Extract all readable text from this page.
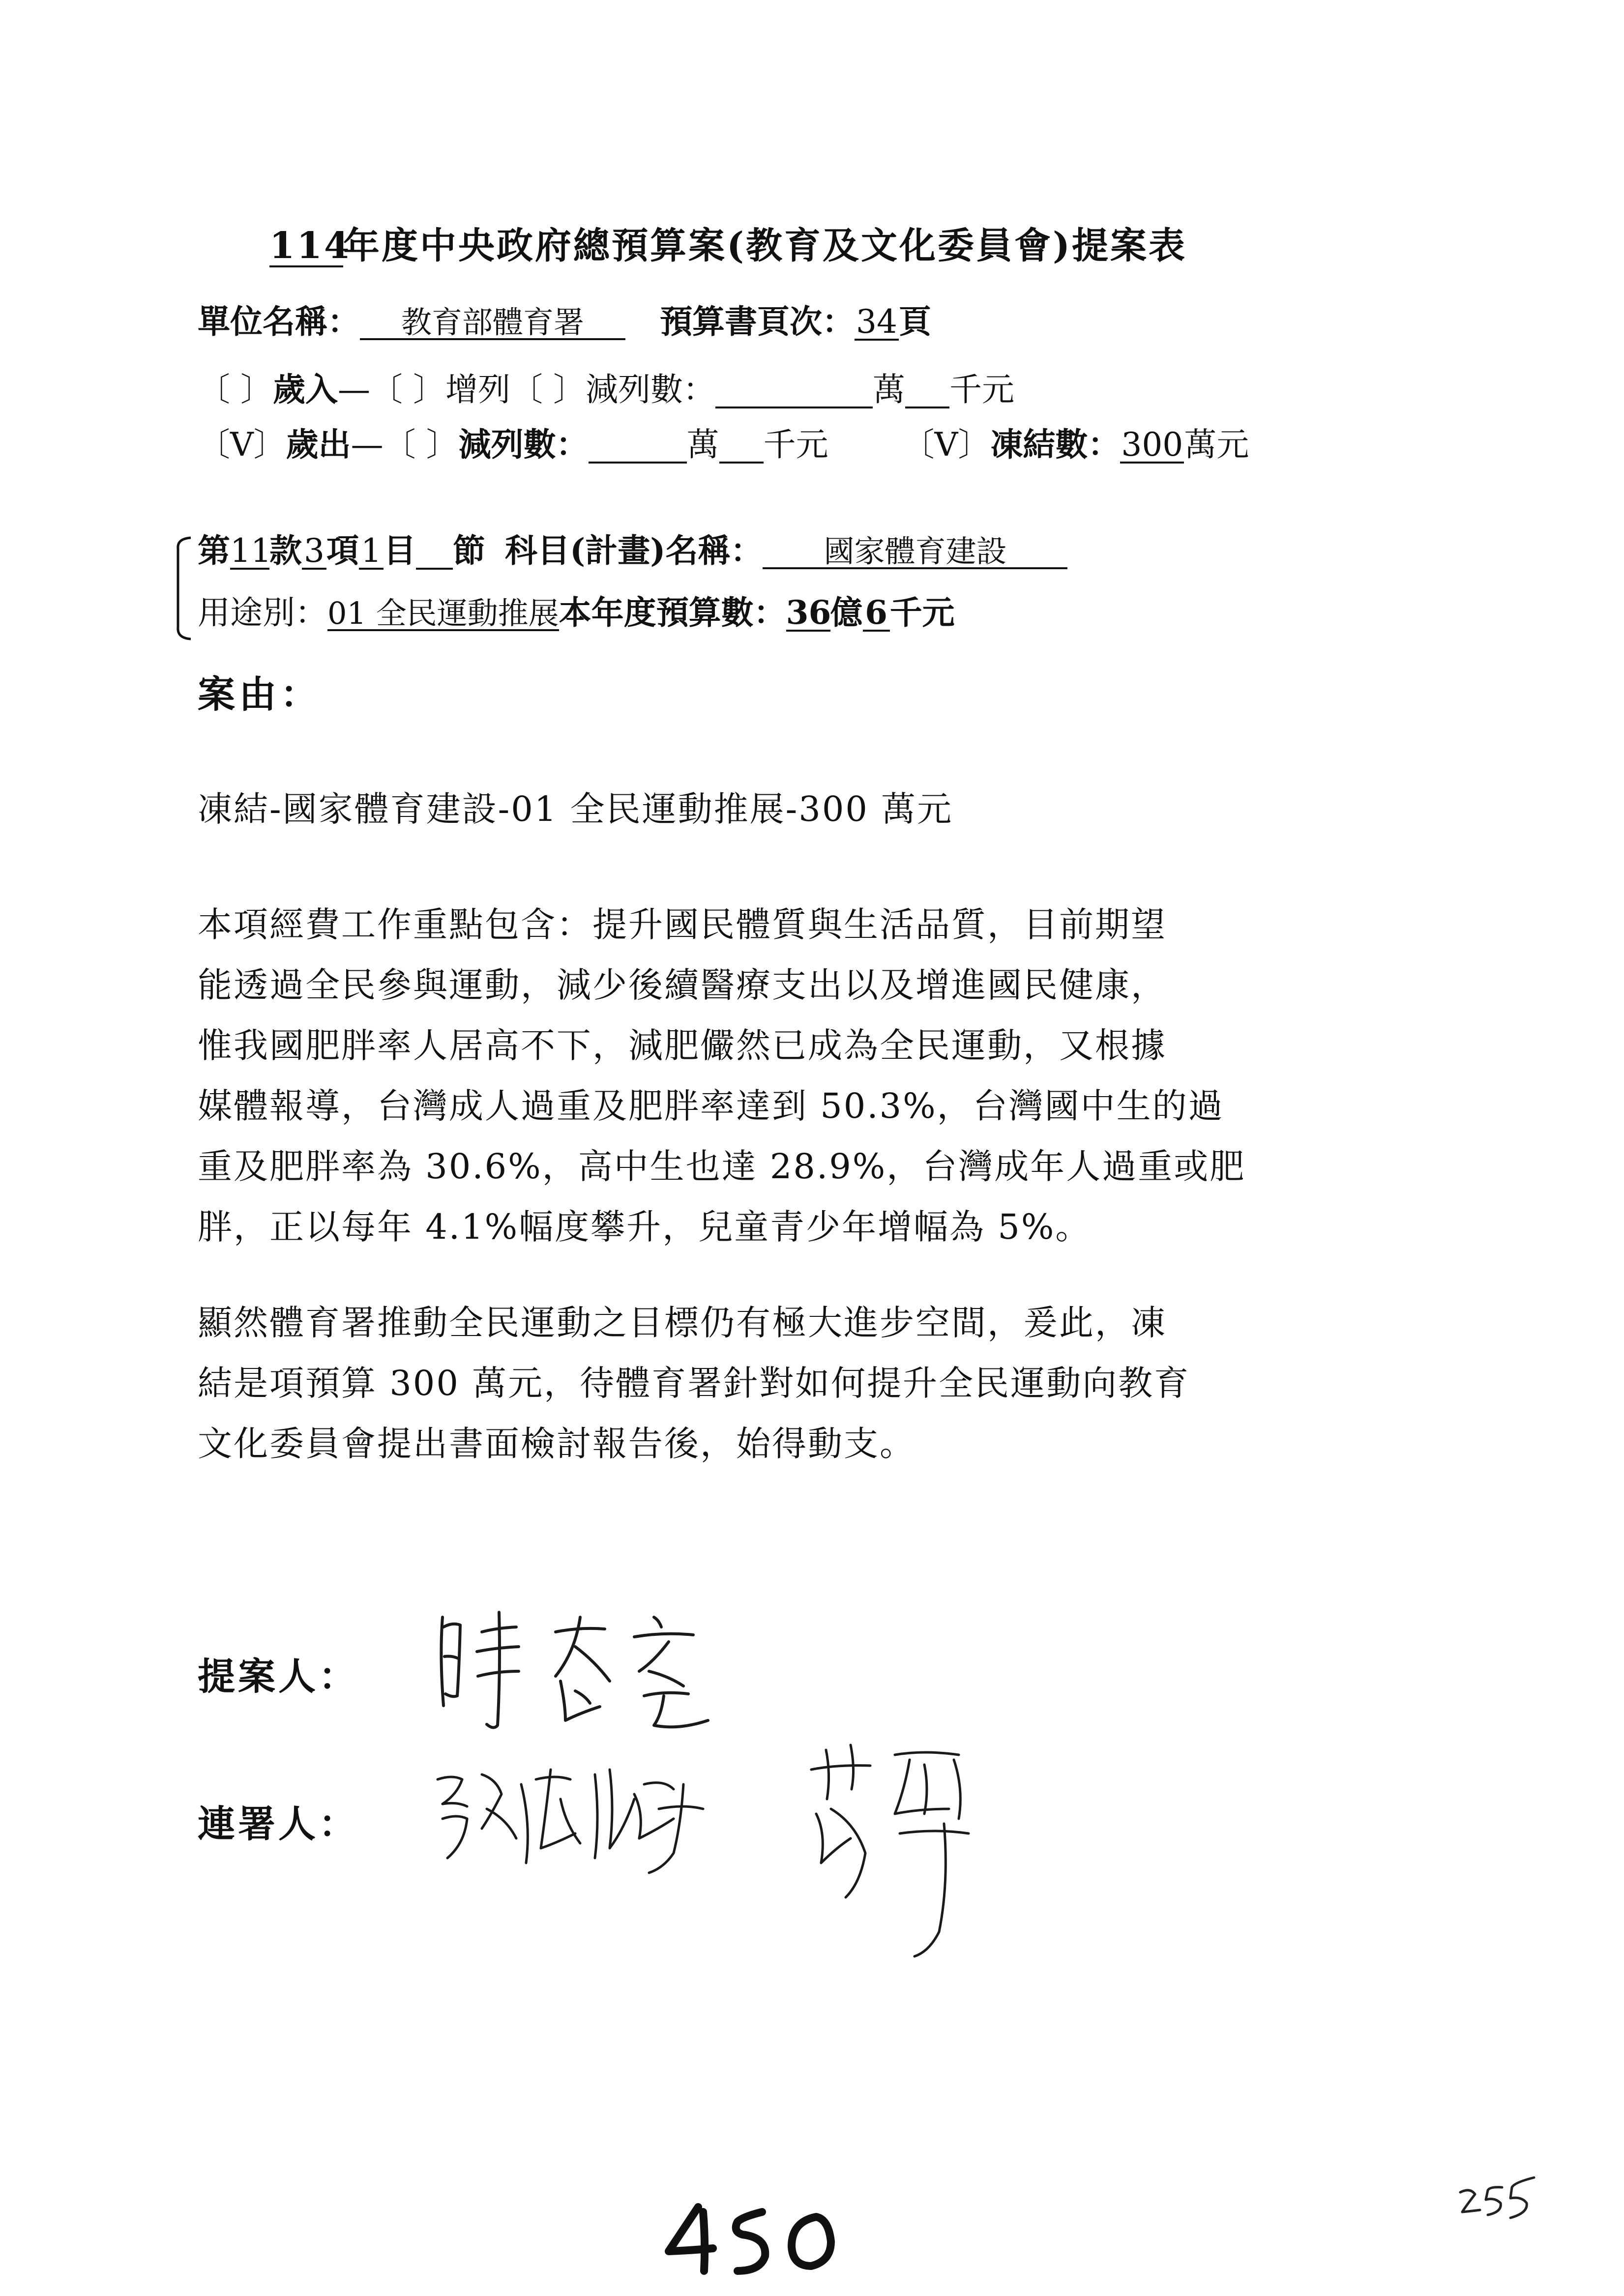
114年度中央政府總預算案(教育及文化委員會)提案表
單位名稱： 教育部體育署 預算書頁次：34頁
〔 〕歲入—〔 〕增列〔 〕減列數：	萬 千元
〔V〕歲出—〔 〕減列數：	萬 千元 〔V〕凍結數：300萬元
第11款3項1目 節 科目(計畫)名稱： 國家體育建設
用途別：01 全民運動推展本年度預算數：36億6千元
案由：
凍結-國家體育建設-01 全民運動推展-300 萬元
本項經費工作重點包含：提升國民體質與生活品質，目前期望
能透過全民參與運動，減少後續醫療支出以及增進國民健康，
惟我國肥胖率人居高不下，減肥儼然已成為全民運動，又根據
媒體報導，台灣成人過重及肥胖率達到 50.3%，台灣國中生的過
重及肥胖率為 30.6%，高中生也達 28.9%，台灣成年人過重或肥
胖，正以每年 4.1%幅度攀升，兒童青少年增幅為 5%。
顯然體育署推動全民運動之目標仍有極大進步空間，爰此，凍
結是項預算 300 萬元，待體育署針對如何提升全民運動向教育
文化委員會提出書面檢討報告後，始得動支。
提案人：
連署人：
